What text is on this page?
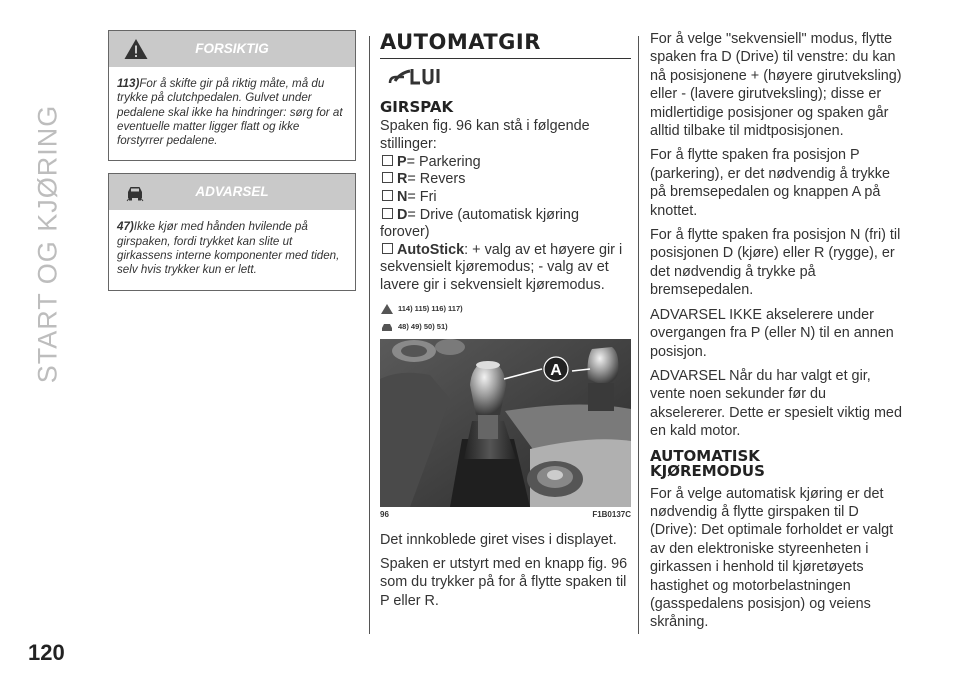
START OG KJØRING
120
FORSIKTIG
113)For å skifte gir på riktig måte, må du trykke på clutchpedalen. Gulvet under pedalene skal ikke ha hindringer: sørg for at eventuelle matter ligger flatt og ikke forstyrrer pedalene.
ADVARSEL
47)Ikke kjør med hånden hvilende på girspaken, fordi trykket kan slite ut girkassens interne komponenter med tiden, selv hvis trykker kun er lett.
AUTOMATGIR
GIRSPAK

Spaken fig. 96 kan stå i følgende stillinger:

P= Parkering
R= Revers
N= Fri
D= Drive (automatisk kjøring forover)
AutoStick: + valg av et høyere gir i sekvensielt kjøremodus; - valg av et lavere gir i sekvensielt kjøremodus.
114) 115) 116) 117)
48) 49) 50) 51)
A
96	F1B0137C

Det innkoblede giret vises i displayet.

Spaken er utstyrt med en knapp fig. 96 som du trykker på for å flytte spaken til P eller R.

For å velge "sekvensiell" modus, flytte spaken fra D (Drive) til venstre: du kan nå posisjonene + (høyere girutveksling) eller - (lavere girutveksling); disse er midlertidige posisjoner og spaken går alltid tilbake til midtposisjonen.

For å flytte spaken fra posisjon P (parkering), er det nødvendig å trykke på bremsepedalen og knappen A på knottet.

For å flytte spaken fra posisjon N (fri) til posisjonen D (kjøre) eller R (rygge), er det nødvendig å trykke på bremsepedalen.

ADVARSEL IKKE akselerere under overgangen fra P (eller N) til en annen posisjon.

ADVARSEL Når du har valgt et gir, vente noen sekunder før du akselererer. Dette er spesielt viktig med en kald motor.

AUTOMATISK KJØREMODUS

For å velge automatisk kjøring er det nødvendig å flytte girspaken til D (Drive): Det optimale forholdet er valgt av den elektroniske styreenheten i girkassen i henhold til kjøretøyets hastighet og motorbelastningen (gasspedalens posisjon) og veiens skråning.
